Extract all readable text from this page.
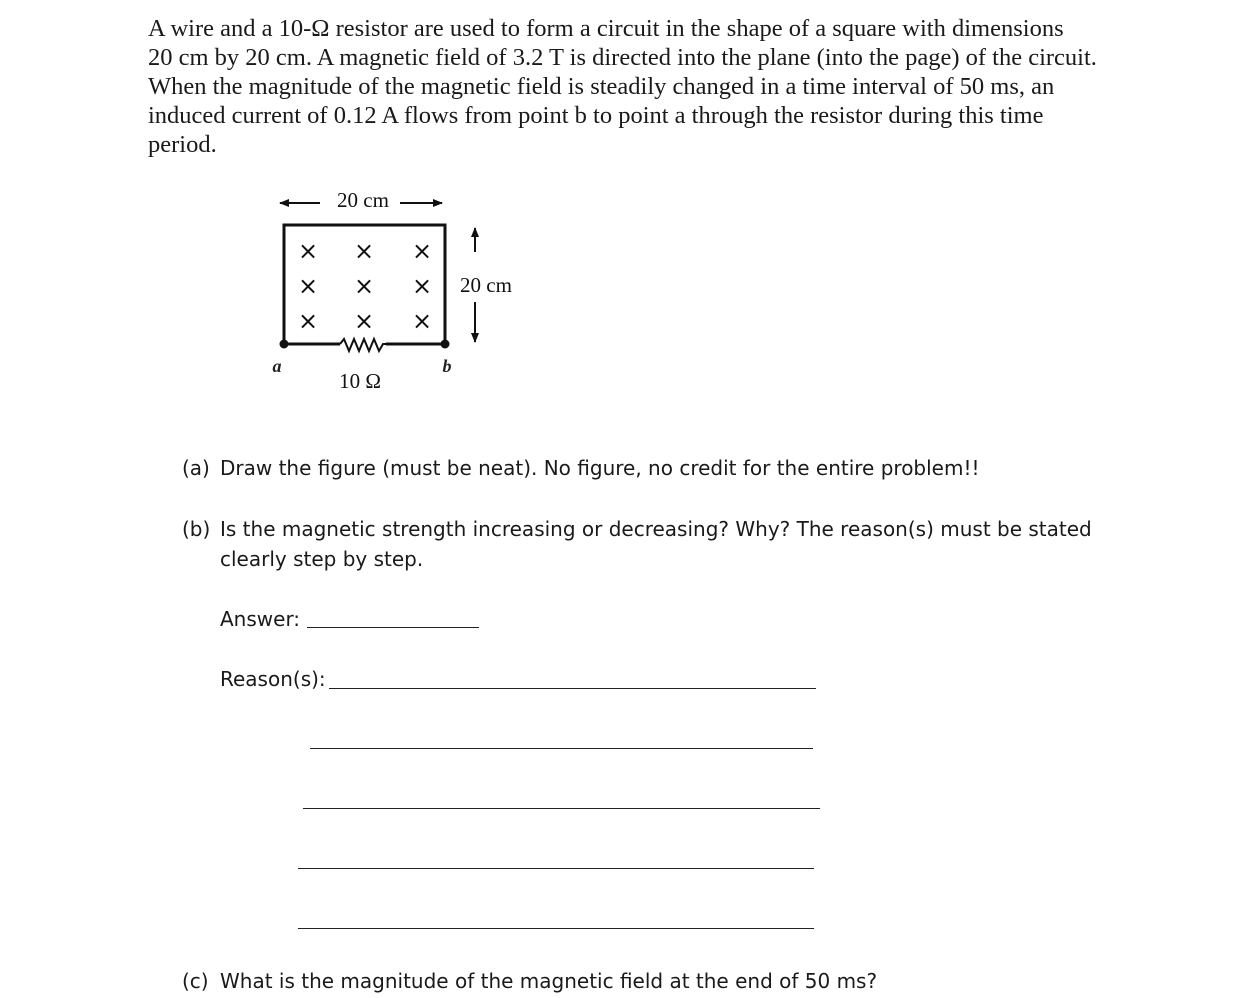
A wire and a 10-Ω resistor are used to form a circuit in the shape of a square with dimensions
20 cm by 20 cm. A magnetic field of 3.2 T is directed into the plane (into the page) of the circuit.
When the magnitude of the magnetic field is steadily changed in a time interval of 50 ms, an
induced current of 0.12 A flows from point b to point a through the resistor during this time
period.
20 cm
20 cm
a	b
10 Ω
× × ×
× × ×
× × ×
(a) Draw the figure (must be neat). No figure, no credit for the entire problem!!
(b) Is the magnetic strength increasing or decreasing? Why? The reason(s) must be stated
clearly step by step.
Answer:
Reason(s):
(c) What is the magnitude of the magnetic field at the end of 50 ms?
